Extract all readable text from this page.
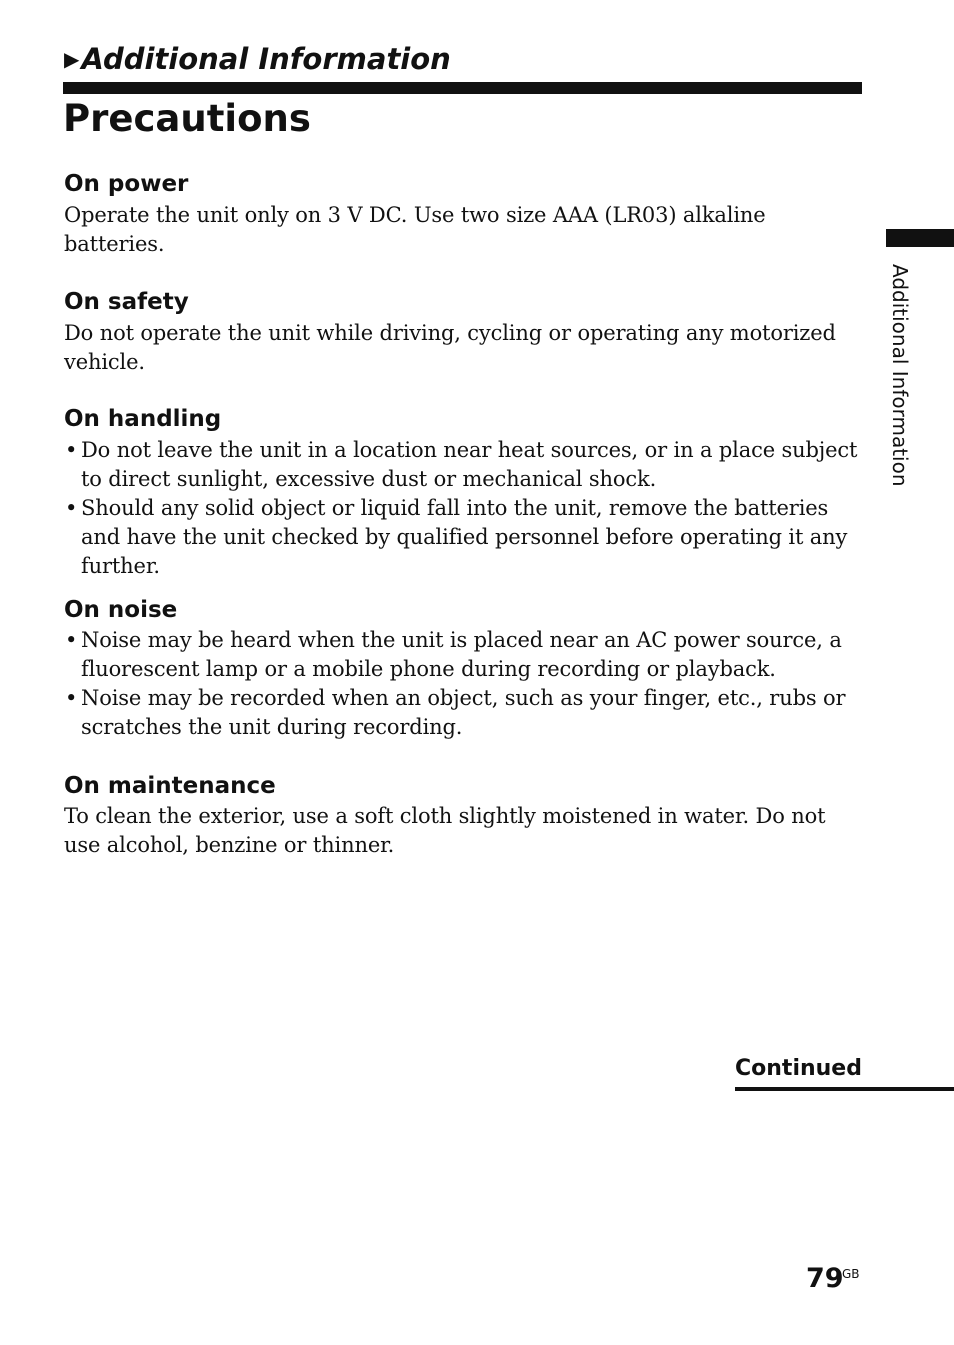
▶Additional Information
Precautions
On power

Operate the unit only on 3 V DC. Use two size AAA (LR03) alkaline batteries.

On safety

Do not operate the unit while driving, cycling or operating any motorized vehicle.

On handling
• Do not leave the unit in a location near heat sources, or in a place subject to direct sunlight, excessive dust or mechanical shock.
• Should any solid object or liquid fall into the unit, remove the batteries and have the unit checked by qualified personnel before operating it any further.
On noise
• Noise may be heard when the unit is placed near an AC power source, a fluorescent lamp or a mobile phone during recording or playback.
• Noise may be recorded when an object, such as your finger, etc., rubs or scratches the unit during recording.
On maintenance

To clean the exterior, use a soft cloth slightly moistened in water. Do not use alcohol, benzine or thinner.

Additional Information
Continued
79
GB
